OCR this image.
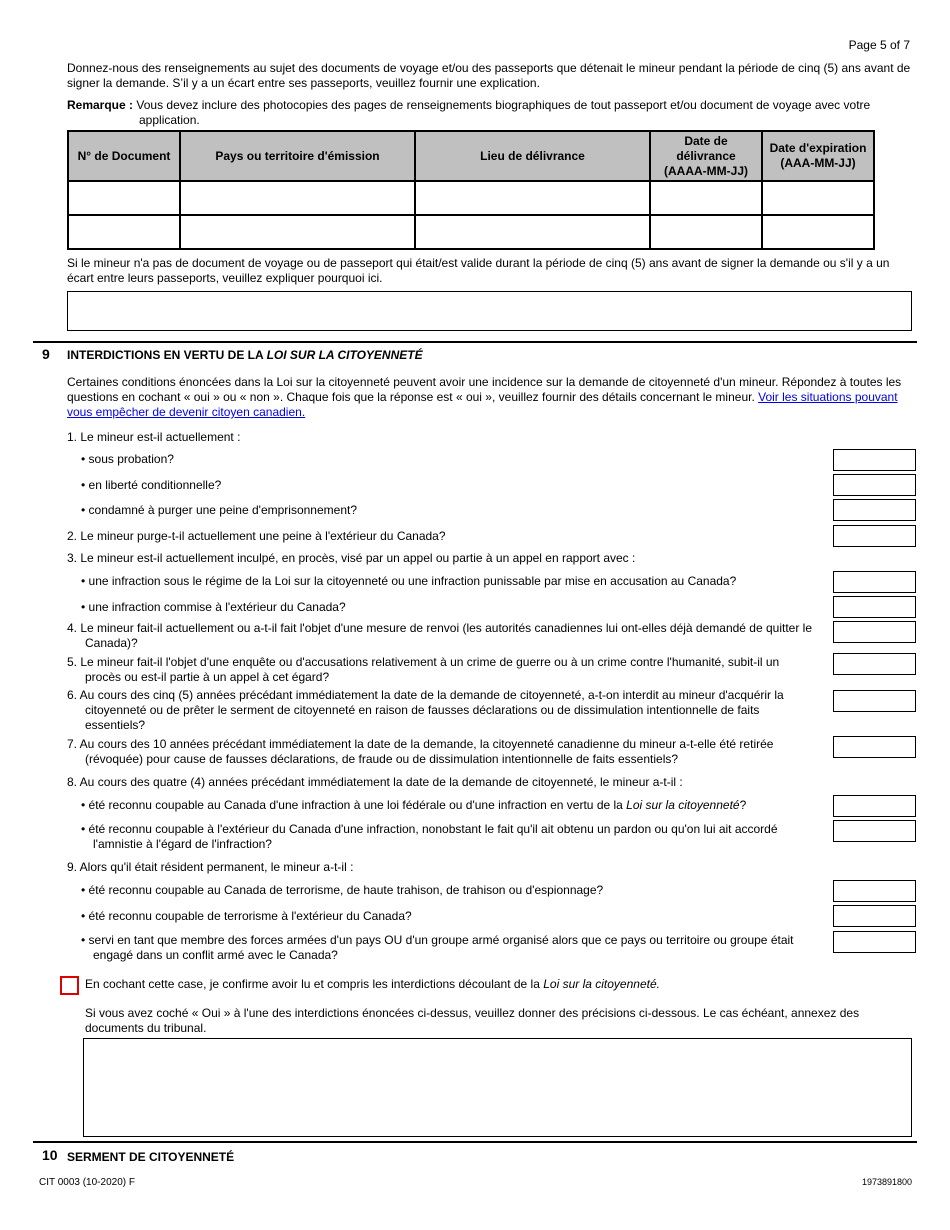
Page 5 of 7
Donnez-nous des renseignements au sujet des documents de voyage et/ou des passeports que détenait le mineur pendant la période de cinq (5) ans avant de signer la demande. S’il y a un écart entre ses passeports, veuillez fournir une explication.
Remarque : Vous devez inclure des photocopies des pages de renseignements biographiques de tout passeport et/ou document de voyage avec votre application.
N° de Document	Pays ou territoire d'émission	Lieu de délivrance	Date de délivrance (AAAA-MM-JJ)	Date d'expiration (AAA-MM-JJ)

Si le mineur n'a pas de document de voyage ou de passeport qui était/est valide durant la période de cinq (5) ans avant de signer la demande ou s'il y a un écart entre leurs passeports, veuillez expliquer pourquoi ici.
9 INTERDICTIONS EN VERTU DE LA LOI SUR LA CITOYENNETÉ
Certaines conditions énoncées dans la Loi sur la citoyenneté peuvent avoir une incidence sur la demande de citoyenneté d'un mineur. Répondez à toutes les questions en cochant « oui » ou « non ». Chaque fois que la réponse est « oui », veuillez fournir des détails concernant le mineur. Voir les situations pouvant vous empêcher de devenir citoyen canadien.
1. Le mineur est-il actuellement :
• sous probation?
• en liberté conditionnelle?
• condamné à purger une peine d'emprisonnement?
2. Le mineur purge-t-il actuellement une peine à l'extérieur du Canada?
3. Le mineur est-il actuellement inculpé, en procès, visé par un appel ou partie à un appel en rapport avec :
• une infraction sous le régime de la Loi sur la citoyenneté ou une infraction punissable par mise en accusation au Canada?
• une infraction commise à l'extérieur du Canada?
4. Le mineur fait-il actuellement ou a-t-il fait l'objet d'une mesure de renvoi (les autorités canadiennes lui ont-elles déjà demandé de quitter le Canada)?
5. Le mineur fait-il l'objet d'une enquête ou d'accusations relativement à un crime de guerre ou à un crime contre l'humanité, subit-il un procès ou est-il partie à un appel à cet égard?
6. Au cours des cinq (5) années précédant immédiatement la date de la demande de citoyenneté, a-t-on interdit au mineur d'acquérir la citoyenneté ou de prêter le serment de citoyenneté en raison de fausses déclarations ou de dissimulation intentionnelle de faits essentiels?
7. Au cours des 10 années précédant immédiatement la date de la demande, la citoyenneté canadienne du mineur a-t-elle été retirée (révoquée) pour cause de fausses déclarations, de fraude ou de dissimulation intentionnelle de faits essentiels?
8. Au cours des quatre (4) années précédant immédiatement la date de la demande de citoyenneté, le mineur a-t-il :
• été reconnu coupable au Canada d'une infraction à une loi fédérale ou d'une infraction en vertu de la Loi sur la citoyenneté?
• été reconnu coupable à l'extérieur du Canada d'une infraction, nonobstant le fait qu'il ait obtenu un pardon ou qu'on lui ait accordé l'amnistie à l'égard de l'infraction?
9. Alors qu'il était résident permanent, le mineur a-t-il :
• été reconnu coupable au Canada de terrorisme, de haute trahison, de trahison ou d'espionnage?
• été reconnu coupable de terrorisme à l'extérieur du Canada?
• servi en tant que membre des forces armées d'un pays OU d'un groupe armé organisé alors que ce pays ou territoire ou groupe était engagé dans un conflit armé avec le Canada?
En cochant cette case, je confirme avoir lu et compris les interdictions découlant de la Loi sur la citoyenneté.
Si vous avez coché « Oui » à l'une des interdictions énoncées ci-dessus, veuillez donner des précisions ci-dessous. Le cas échéant, annexez des documents du tribunal.
10 SERMENT DE CITOYENNETÉ
CIT 0003 (10-2020) F	1973891800
